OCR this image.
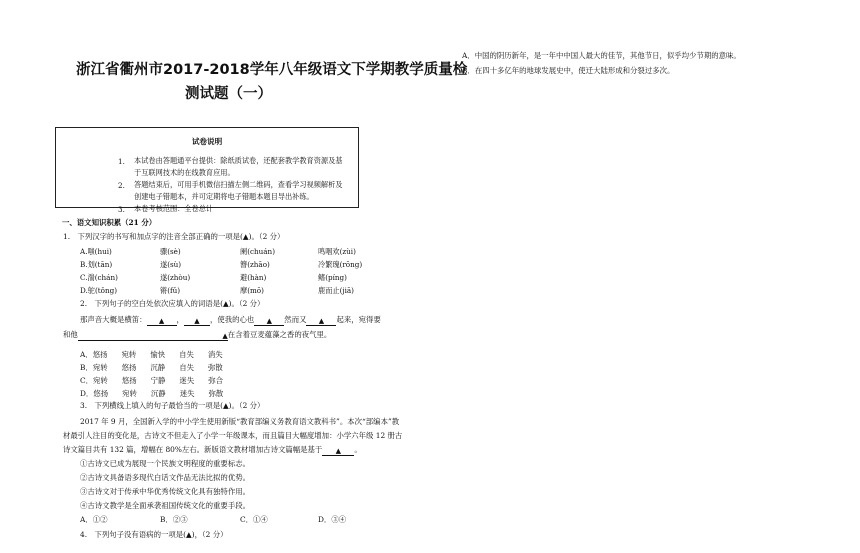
A．中国的阴历新年，是一年中中国人最大的佳节，其他节日，似乎均少节期的意味。
B．在四十多亿年的地球发展史中，使迁大陆形成和分裂过多次。
浙江省衢州市2017-2018学年八年级语文下学期教学质量检
测试题（一）
试卷说明
1. 本试卷由答题通平台提供：除纸质试卷，还配套教学教育资源及基于互联网技术的在线教育应用。
2. 答题结束后，可用手机微信扫描左侧二维码，查看学习视频解析及创建电子错题本，并可定期将电子错题本题目导出补练。
3. 本卷考核范围：全卷总计
一、语文知识积累（21 分）
1.　下列汉字的书写和加点字的注音全部正确的一项是(▲)。（2 分）
A.嗤(hui)	骤(sè)	阑(chuán)	鸣咽欢(zùi)
B.划(tān)	遂(sù)	簪(zhāo)	冷繁瑰(rōng)
C.湍(chán)	遂(zhòu)	避(hàn)	鳍(píng)
D.鸵(tǒng)	锵(fǔ)	摩(mō)	鹿而止(jiā)
2.　下列句子的空白处依次应填入的词语是(▲)。（2 分）
那声音大概是横笛： ▲ ， ▲ ，使我的心也 ▲ 然而又 ▲ 起来，宛得要
和他	▲在含着豆麦蕴藻之香的夜气里。
A．悠扬 宛转 愉快 自失 消失
B．宛转 悠扬 沉静 自失 弥散
C．宛转 悠扬 宁静 迷失 弥合
D．悠扬 宛转 沉静 迷失 弥散
3.　下列横线上填入的句子最恰当的一项是(▲)。（2 分）
2017 年 9 月，全国新入学的中小学生使用新版“教育部编义务教育语文教科书”。本次“部编本”教
材最引人注目的变化是，古诗文不但走入了小学一年级课本，而且篇目大幅度增加：小学六年级 12 册古
诗文篇目共有 132 篇，增幅在 80%左右。新版语文教材增加古诗文篇幅是基于 ▲ 。
①古诗文已成为展现一个民族文明程度的重要标志。
②古诗文具备语多现代白话文作品无法比拟的优势。
③古诗文对于传承中华优秀传统文化具有独特作用。
④古诗文教学是全面承袭祖国传统文化的重要手段。
A．①②	B．②③	C．①④	D．③④
4.　下列句子没有语病的一项是(▲)，（2 分）
